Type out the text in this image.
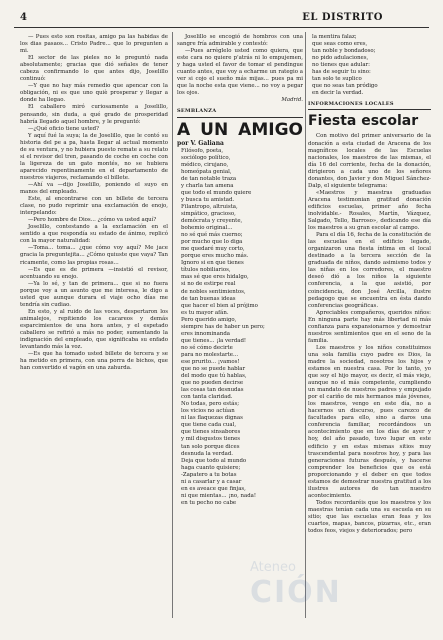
4	EL DISTRITO

— Pues esto son rositas, amigo pa las habidas de los dias pasaos... Cristo Padre... que lo pregunten a mi.

El sector de las pieles no le preguntó nada absolutamente; gracias que dió señales de tener cabeza confirmando lo que antes dijo, Joselillo continuó:

—Y que no hay más remedio que apencar con la obligación, ni es que uno quiè prosperar y llegar a donde ha llegao.

El caballero miró curiosamente a Joselillo, pensando, sin duda, a qué grado de prosperidad habría llegado aquel hombre, y le preguntó:

—¿Qué oficio tiene usted?

Y aquí fué la suya; la de Joselillo, que le contó su historia del pe a pa, hasta llegar al actual momento de su ventura, y no hubiera puesto remate a su relato si el revisor del tren, pasando de coche en coche con la ligereza de un gato montés, no se hubiera aparecido repentinamente en el departamento de nuestros viajeros, reclamando el billete.

—Ahí va —dijo Joselillo, poniendo el suyo en manos del empleado.

Este, al encontrarse con un billete de tercera clase, no pudo reprimir una exclamación de enojo, interpelando:

—Pero hombre de Dios... ¿cómo va usted aquí?

Joselillo, contestando a la exclamación en el sentido a que respondía su estado de ánimo, replicó con la mayor naturalidad:

—Toma... toma... ¿que cómo voy aquí? Me jace gracia la preguntejita... ¿Cómo quiuste que vaya? Tan ricamente, como las propias rosas...

—Es que es de primera —insistió el revisor, acentuando su enojo.

—Ya lo sé, y tan de primera... que si no fuera porque voy a un asunto que me interesa, le digo a usted que aunque durara el viaje ocho días me tendría sin cudiao.

En esto, y al ruido de las voces, despertaron los animalejos, repitiendo los cacareos y demás esparcimientos de una hora antes, y el espetado caballero se refirió a más no poder, sumentando la indignación del empleado, que significaba su enfado levantando más la voz.

—Es que ha tomado usted billete de tercera y se ha metido en primera, con una porra de bichos, que han convertido el vagón en una zahurda.

Joselillo se encogió de hombros con una sangre fría admirable y contestó:

—Pues arréglelo usted como quiera, que este cara no quiere p'atrás ni lo empujemen, y haga usted el favor de tomar el pendingue cuanto antes, que voy a echarme un rategio a ver si cojo el sueño más mijas... pues pa mi que la noche esta que viene... no voy a pegar los ojos.

Madrid.

SEMBLANZA
A UN AMIGO por V. Galiana

Filósofo, poeta,

sociólogo político,

médico, cirujano,

homeópata genial,

de tan notable traza

y charla tan amena

que todo el mundo quiere

y busca tu amistad.

Filantropo, altruista,

simpático, gracioso,

demócrata y creyente,

bohemio original...

no sé qué más cuerno;

por mucho que lo diga

me quedaré muy corto,

porque eres mucho más.

Ignoro si en que tienes

títulos nobiliarios,

mas sé que eres hidalgo,

si no de estirpe real

de nobles sentimientos,

de tan buenas ideas

que hacer el bien al prójimo

es tu mayor afán.

Pero querido amigo,

siempre has de haber un pero;

eres innominanda

que tienes... ¡la verdad!

no sé cómo decirte

para no molestarte...

ese prurito... ¡vamos!

que no se puede hablar

del modo que tú hablas,

que no pueden decirse

las cosas tan desnudas

con tanta claridad.

No todas, pero estás;

los vicios no actúan

ni las flaquezas dignas

que tiene cada cual,

que tienes sinsabores

y mil disgustos tienes

tan solo porque dices

desnuda la verdad.

Deja que todo al mundo

haga cuanto quisiere;

-Zapatero a tu botas

ni a casarlar y a casar

en es aveace que finjas,

ni que mientas... ¡no, nada!

en tu pecho no cabe

la mentira falaz;

que seas como eres,

tan noble y bondadoso;

no pido adulaciones,

no tienes que adular:

has de seguir tu sino:

tan solo te suplico

que no seas tan pródigo

en decir la verdad.

INFORMACIONES LOCALES
Fiesta escolar

Con motivo del primer aniversario de la donación a esta ciudad de Aracena de los magníficos locales de las Escuelas nacionales, los maestros de las mismas, el día 16 del corriente, fecha de la donación, dirigieron a cada uno de los señores donantes, don Javier y don Miguel Sánchez-Dalp, el siguiente telegrama:

«Maestros y maestras graduadas Aracena testimonian gratitud donación edificios escuelas, primer año fecha inolvidable.- Rosales, Martín, Vázquez, Salgado, Tello, Barroso», dedicando ese día los maestros a su gran escolar al campo.

Para el día 16, fecha de la constitución de las escuelas en el edificio legado, organizaron una fiesta íntima en el local destinado a la tercera sección de la graduada de niños, dando asimismo todos y las niñas en los corredores, el maestro deseó dió a los niños la siguiente conferencia, a la que asistió, por coincidencia, don José Arcilla, ilustre pedagogo que se encuentra en ésta dando conferencias geográficas.

Apreciables compañeros, queridos niños: En ninguna parte hay más libertad ni más confianza para expansionarnos y demostrar nuestros sentimientos que en el seno de la familia.

Los maestros y los niños constituimos una sola familia cuyo padre es Dios, la madre la sociedad, nosotros los hijos y estamos en nuestra casa. Por lo tanto, yo que soy el hijo mayor, es decir, el más viejo, aunque no el más competente, cumpliendo un mandato de nuestros padres y empujado por el cariño de mis hermanos más jóvenes, los maestros, vengo en este día, no a hacernos un discurso, pues carezco de facultades para ello, sino a daros una conferencia familiar, recordándoos un acontecimiento que en los días de ayer y hoy, del año pasado, tuvo lugar en este edificio y en estas mismas sitios muy trascendental para nosotros hoy, y para las generaciones futuras después, y hacerse comprender los beneficios que os está proporcionando y el deber en que todos estamos de demostrar nuestra gratitud a los ilustres autores de tan nuestro acontecimiento.

Todos recordaréis que los maestros y los maestras tenían cada una su escuela en su sitio; que las escuelas eran feas y los cuartos, mapas, bancos, pizarras, etc., eran todos feos, viejos y deteriorados; pero

Ateneo
CIÓN
